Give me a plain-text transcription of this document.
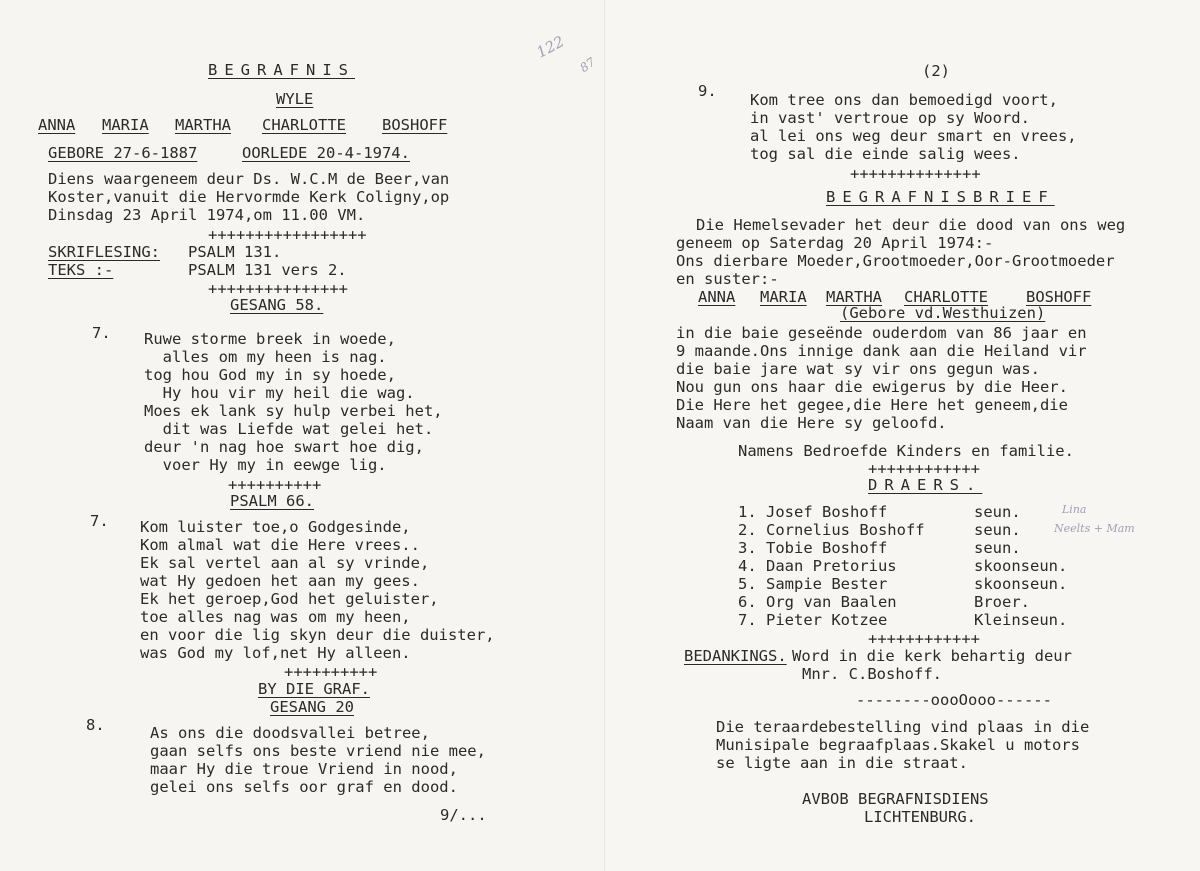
BEGRAFNIS
WYLE
ANNA MARIA MARTHA CHARLOTTE BOSHOFF
GEBORE 27-6-1887	OORLEDE 20-4-1974.
Diens waargeneem deur Ds. W.C.M de Beer,van
Koster,vanuit die Hervormde Kerk Coligny,op
Dinsdag 23 April 1974,om 11.00 VM.
+++++++++++++++++
SKRIFLESING: PSALM 131.
TEKS :-	PSALM 131 vers 2.
+++++++++++++++
GESANG 58.
7. Ruwe storme breek in woede,
alles om my heen is nag.
tog hou God my in sy hoede,
Hy hou vir my heil die wag.
Moes ek lank sy hulp verbei het,
dit was Liefde wat gelei het.
deur 'n nag hoe swart hoe dig,
voer Hy my in eewge lig.
++++++++++
PSALM 66.
7. Kom luister toe,o Godgesinde,
Kom almal wat die Here vrees..
Ek sal vertel aan al sy vrinde,
wat Hy gedoen het aan my gees.
Ek het geroep,God het geluister,
toe alles nag was om my heen,
en voor die lig skyn deur die duister,
was God my lof,net Hy alleen.
++++++++++
BY DIE GRAF.
GESANG 20
8.	As ons die doodsvallei betree,
gaan selfs ons beste vriend nie mee,
maar Hy die troue Vriend in nood,
gelei ons selfs oor graf en dood.
9/...
122
87	(2)
9. Kom tree ons dan bemoedigd voort,
in vast' vertroue op sy Woord.
al lei ons weg deur smart en vrees,
tog sal die einde salig wees.
++++++++++++++
BEGRAFNISBRIEF
Die Hemelsevader het deur die dood van ons weg
geneem op Saterdag 20 April 1974:-
Ons dierbare Moeder,Grootmoeder,Oor-Grootmoeder
en suster:-
ANNA MARIA MARTHA CHARLOTTE BOSHOFF
(Gebore vd.Westhuizen)
in die baie geseënde ouderdom van 86 jaar en
9 maande.Ons innige dank aan die Heiland vir
die baie jare wat sy vir ons gegun was.
Nou gun ons haar die ewigerus by die Heer.
Die Here het gegee,die Here het geneem,die
Naam van die Here sy geloofd.
Namens Bedroefde Kinders en familie.
++++++++++++
DRAERS.
1. Josef Boshoff	seun.
2. Cornelius Boshoff	seun.
3. Tobie Boshoff	seun.
4. Daan Pretorius	skoonseun.
5. Sampie Bester	skoonseun.
6. Org van Baalen	Broer.
7. Pieter Kotzee	Kleinseun.
Lina
Neelts + Mam
++++++++++++
BEDANKINGS. Word in die kerk behartig deur
Mnr. C.Boshoff.
--------oooOooo------
Die teraardebestelling vind plaas in die
Munisipale begraafplaas.Skakel u motors
se ligte aan in die straat.
AVBOB BEGRAFNISDIENS
LICHTENBURG.
